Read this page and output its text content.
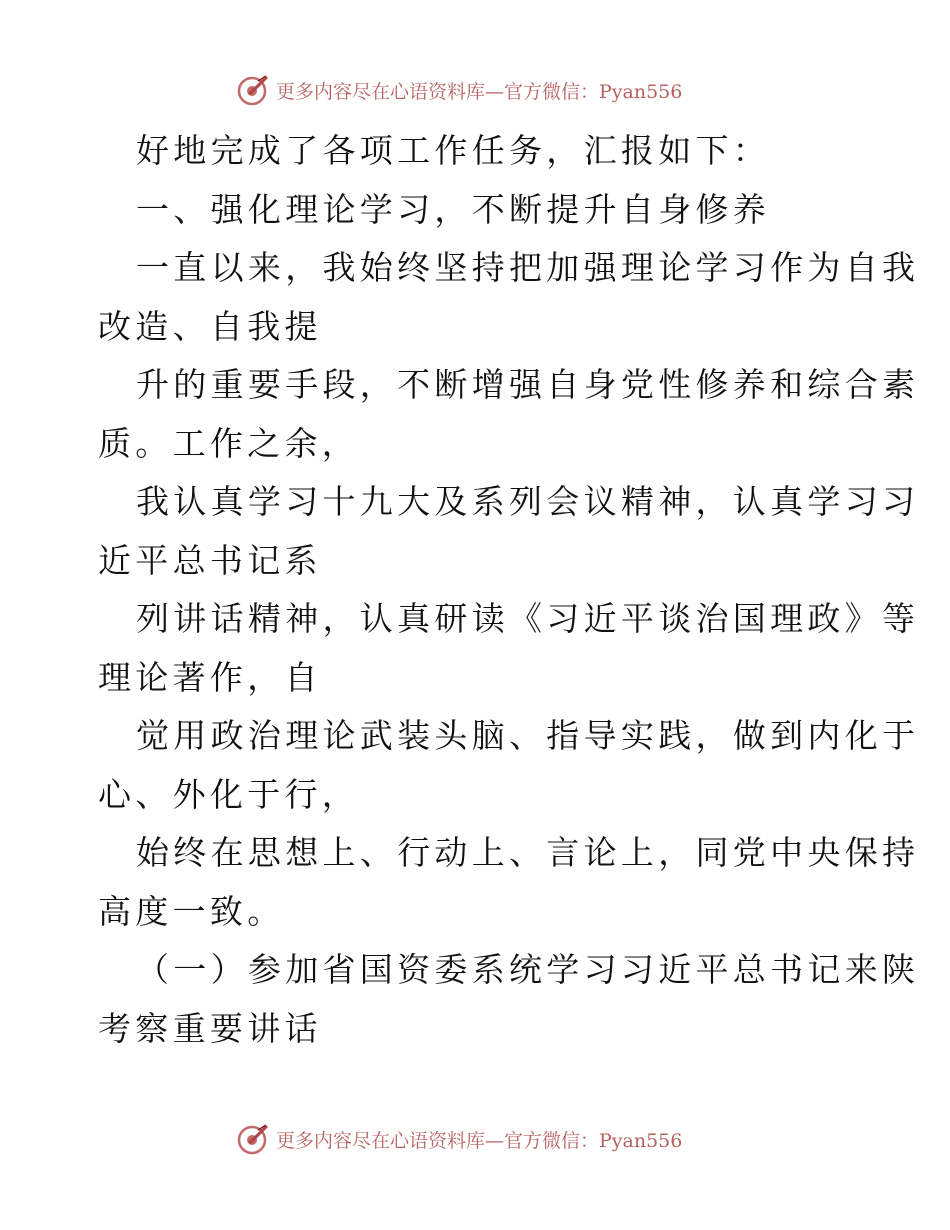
更多内容尽在心语资料库—官方微信：Pyan556

好地完成了各项工作任务，汇报如下：

一、强化理论学习，不断提升自身修养

一直以来，我始终坚持把加强理论学习作为自我

改造、自我提

升的重要手段，不断增强自身党性修养和综合素

质。工作之余，

我认真学习十九大及系列会议精神，认真学习习

近平总书记系

列讲话精神，认真研读《习近平谈治国理政》等

理论著作，自

觉用政治理论武装头脑、指导实践，做到内化于

心、外化于行，

始终在思想上、行动上、言论上，同党中央保持

高度一致。

（一）参加省国资委系统学习习近平总书记来陕

考察重要讲话

更多内容尽在心语资料库—官方微信：Pyan556
